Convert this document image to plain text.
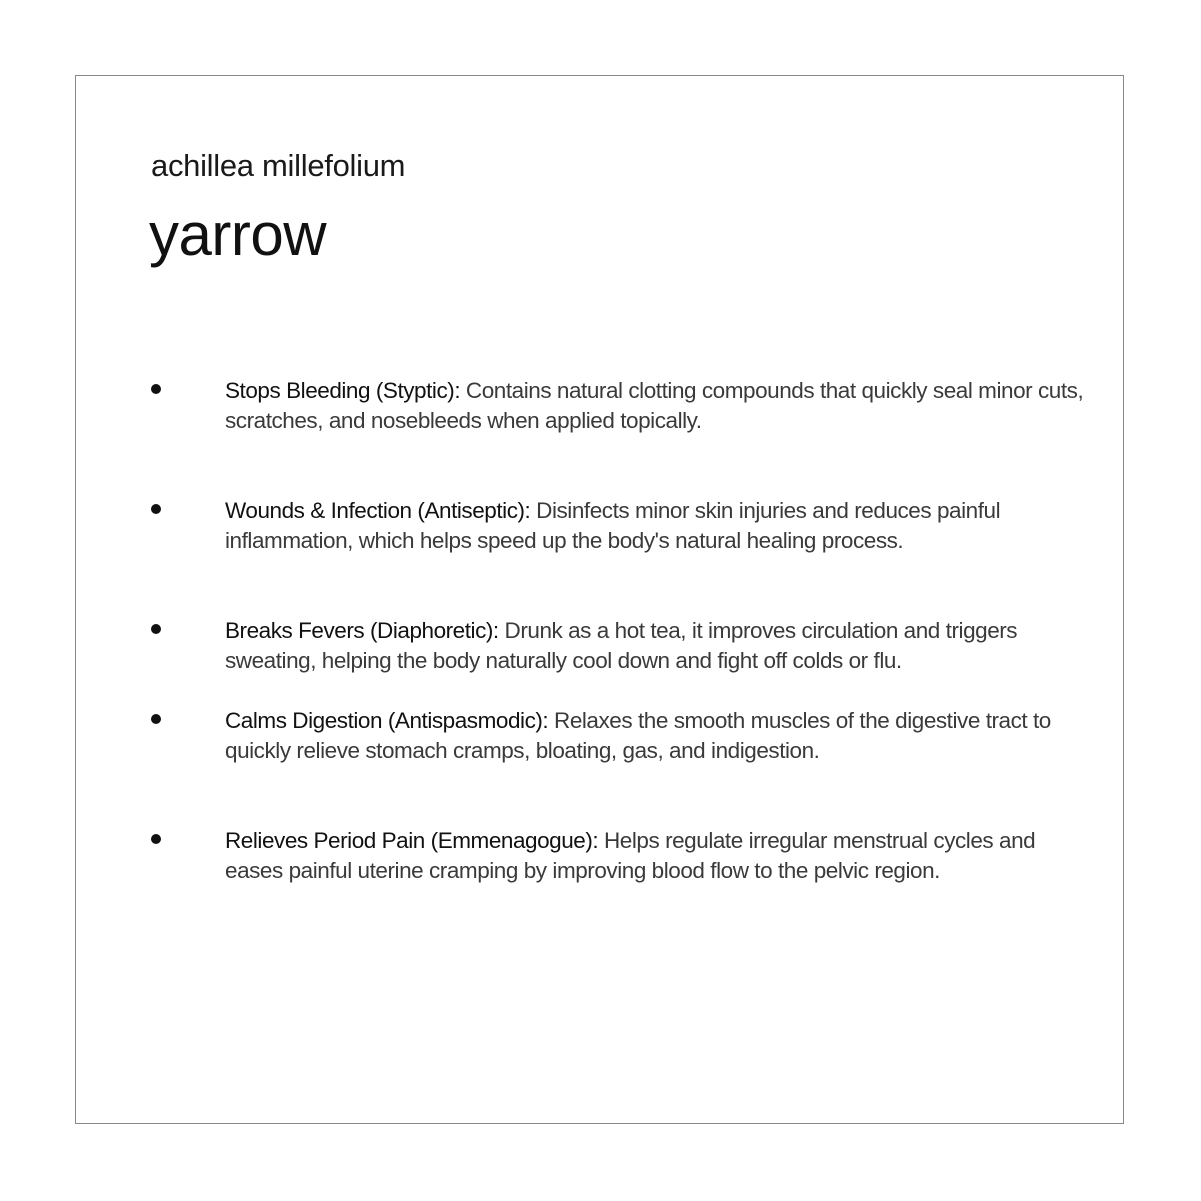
achillea millefolium
yarrow

Stops Bleeding (Styptic): Contains natural clotting compounds that quickly seal minor cuts, scratches, and nosebleeds when applied topically.

Wounds & Infection (Antiseptic): Disinfects minor skin injuries and reduces painful inflammation, which helps speed up the body's natural healing process.

Breaks Fevers (Diaphoretic): Drunk as a hot tea, it improves circulation and triggers sweating, helping the body naturally cool down and fight off colds or flu.

Calms Digestion (Antispasmodic): Relaxes the smooth muscles of the digestive tract to quickly relieve stomach cramps, bloating, gas, and indigestion.

Relieves Period Pain (Emmenagogue): Helps regulate irregular menstrual cycles and eases painful uterine cramping by improving blood flow to the pelvic region.
